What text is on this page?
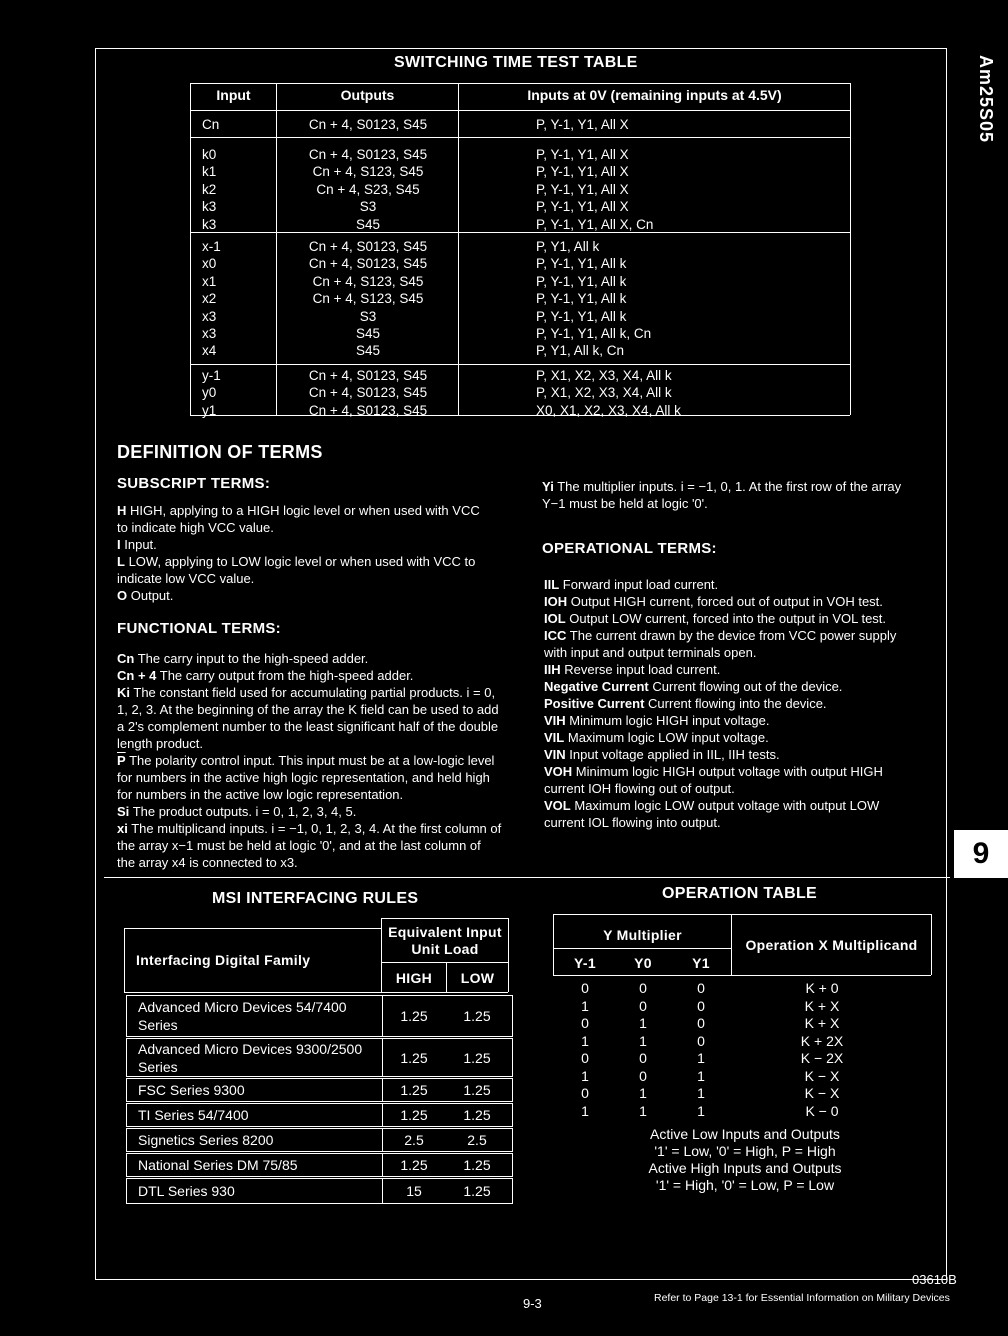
Am25S05
9
SWITCHING TIME TEST TABLE
Input	Outputs	Inputs at 0V (remaining inputs at 4.5V)
Cn	Cn + 4, S0123, S45	P, Y-1, Y1, All X
k0	Cn + 4, S0123, S45	P, Y-1, Y1, All X
k1	Cn + 4, S123, S45	P, Y-1, Y1, All X
k2	Cn + 4, S23, S45	P, Y-1, Y1, All X
k3	S3	P, Y-1, Y1, All X
k3	S45	P, Y-1, Y1, All X, Cn
x-1	Cn + 4, S0123, S45	P, Y1, All k
x0	Cn + 4, S0123, S45	P, Y-1, Y1, All k
x1	Cn + 4, S123, S45	P, Y-1, Y1, All k
x2	Cn + 4, S123, S45	P, Y-1, Y1, All k
x3	S3	P, Y-1, Y1, All k
x3	S45	P, Y-1, Y1, All k, Cn
x4	S45	P, Y1, All k, Cn
y-1	Cn + 4, S0123, S45	P, X1, X2, X3, X4, All k
y0	Cn + 4, S0123, S45	P, X1, X2, X3, X4, All k
y1	Cn + 4, S0123, S45	X0, X1, X2, X3, X4, All k
DEFINITION OF TERMS
SUBSCRIPT TERMS:

H HIGH, applying to a HIGH logic level or when used with VCC to indicate high VCC value.

I Input.

L LOW, applying to LOW logic level or when used with VCC to indicate low VCC value.

O Output.

FUNCTIONAL TERMS:

Cn The carry input to the high-speed adder.

Cn + 4 The carry output from the high-speed adder.

Ki The constant field used for accumulating partial products. i = 0, 1, 2, 3. At the beginning of the array the K field can be used to add a 2's complement number to the least significant half of the double length product.

$\overline{P}$ The polarity control input. This input must be at a low-logic level for numbers in the active high logic representation, and held high for numbers in the active low logic representation.

Si The product outputs. i = 0, 1, 2, 3, 4, 5.

xi The multiplicand inputs. i = −1, 0, 1, 2, 3, 4. At the first column of the array x−1 must be held at logic '0', and at the last column of the array x4 is connected to x3.

Yi The multiplier inputs. i = −1, 0, 1. At the first row of the array Y−1 must be held at logic '0'.

OPERATIONAL TERMS:

IIL Forward input load current.

IOH Output HIGH current, forced out of output in VOH test.

IOL Output LOW current, forced into the output in VOL test.

ICC The current drawn by the device from VCC power supply with input and output terminals open.

IIH Reverse input load current.

Negative Current Current flowing out of the device.

Positive Current Current flowing into the device.

VIH Minimum logic HIGH input voltage.

VIL Maximum logic LOW input voltage.

VIN Input voltage applied in IIL, IIH tests.

VOH Minimum logic HIGH output voltage with output HIGH current IOH flowing out of output.

VOL Maximum logic LOW output voltage with output LOW current IOL flowing into output.

MSI INTERFACING RULES
Interfacing Digital Family
Equivalent Input Unit Load
HIGH	LOW
Advanced Micro Devices 54/7400 Series
1.25	1.25
Advanced Micro Devices 9300/2500 Series
1.25	1.25
FSC Series 9300	1.25	1.25
TI Series 54/7400	1.25	1.25
Signetics Series 8200	2.5	2.5
National Series DM 75/85	1.25	1.25
DTL Series 930	15	1.25
OPERATION TABLE
Y Multiplier
Operation X Multiplicand
Y-1	Y0	Y1
0	0	0	K + 0
1	0	0	K + X
0	1	0	K + X
1	1	0	K + 2X
0	0	1	K − 2X
1	0	1	K − X
0	1	1	K − X
1	1	1	K − 0
Active Low Inputs and Outputs
'1' = Low, '0' = High, P = High
Active High Inputs and Outputs
'1' = High, '0' = Low, P = Low
03610B
9-3	Refer to Page 13-1 for Essential Information on Military Devices
